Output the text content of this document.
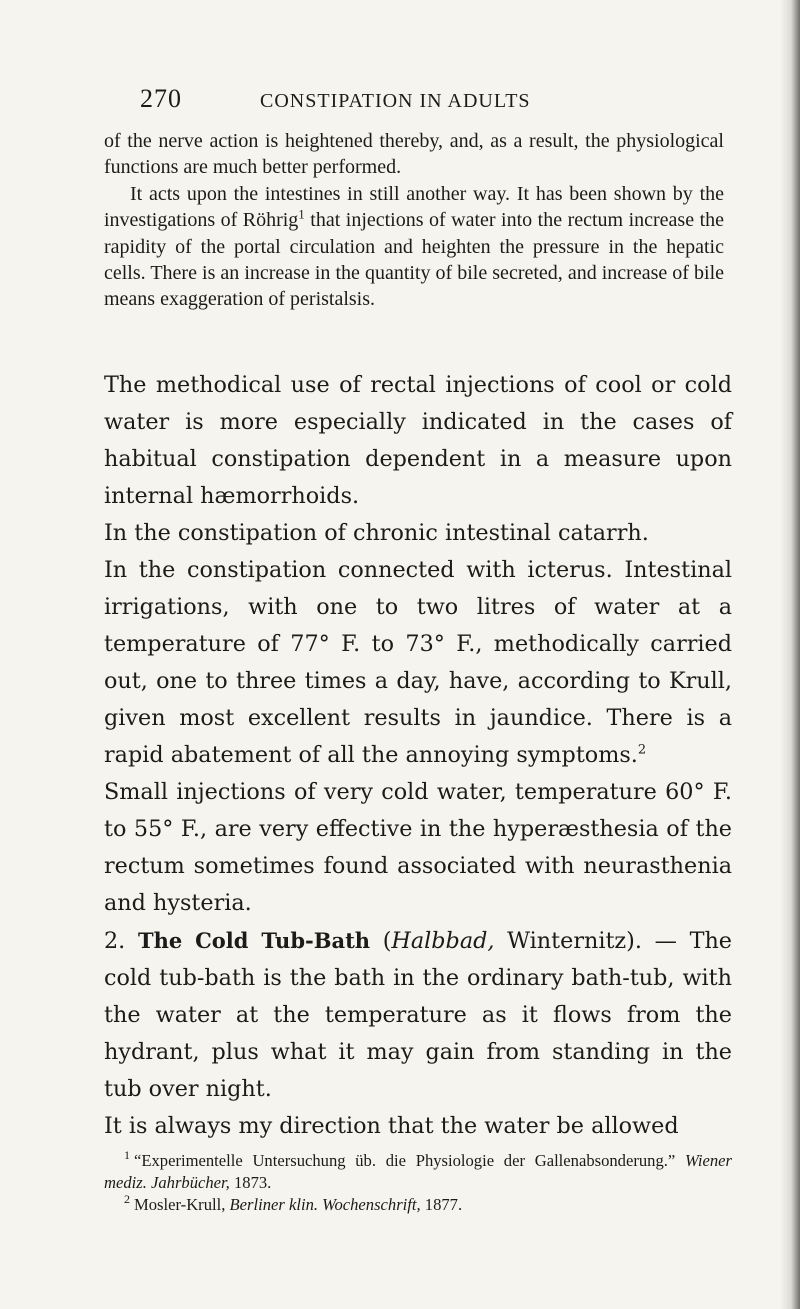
270	CONSTIPATION IN ADULTS

of the nerve action is heightened thereby, and, as a result, the physiological functions are much better performed.

It acts upon the intestines in still another way. It has been shown by the investigations of Röhrig$^1$ that injections of water into the rectum increase the rapidity of the portal circulation and heighten the pressure in the hepatic cells. There is an increase in the quantity of bile secreted, and increase of bile means exaggeration of peristalsis.

The methodical use of rectal injections of cool or cold water is more especially indicated in the cases of habitual constipation dependent in a measure upon internal hæmorrhoids.

In the constipation of chronic intestinal catarrh.

In the constipation connected with icterus. Intestinal irrigations, with one to two litres of water at a temperature of 77° F. to 73° F., methodically carried out, one to three times a day, have, according to Krull, given most excellent results in jaundice. There is a rapid abatement of all the annoying symptoms.$^2$

Small injections of very cold water, temperature 60° F. to 55° F., are very effective in the hyperæsthesia of the rectum sometimes found associated with neurasthenia and hysteria.

2. The Cold Tub-Bath (Halbbad, Winternitz). — The cold tub-bath is the bath in the ordinary bath-tub, with the water at the temperature as it flows from the hydrant, plus what it may gain from standing in the tub over night.

It is always my direction that the water be allowed

$^1$ “Experimentelle Untersuchung üb. die Physiologie der Gallenabsonderung.” Wiener mediz. Jahrbücher, 1873.

$^2$ Mosler-Krull, Berliner klin. Wochenschrift, 1877.
